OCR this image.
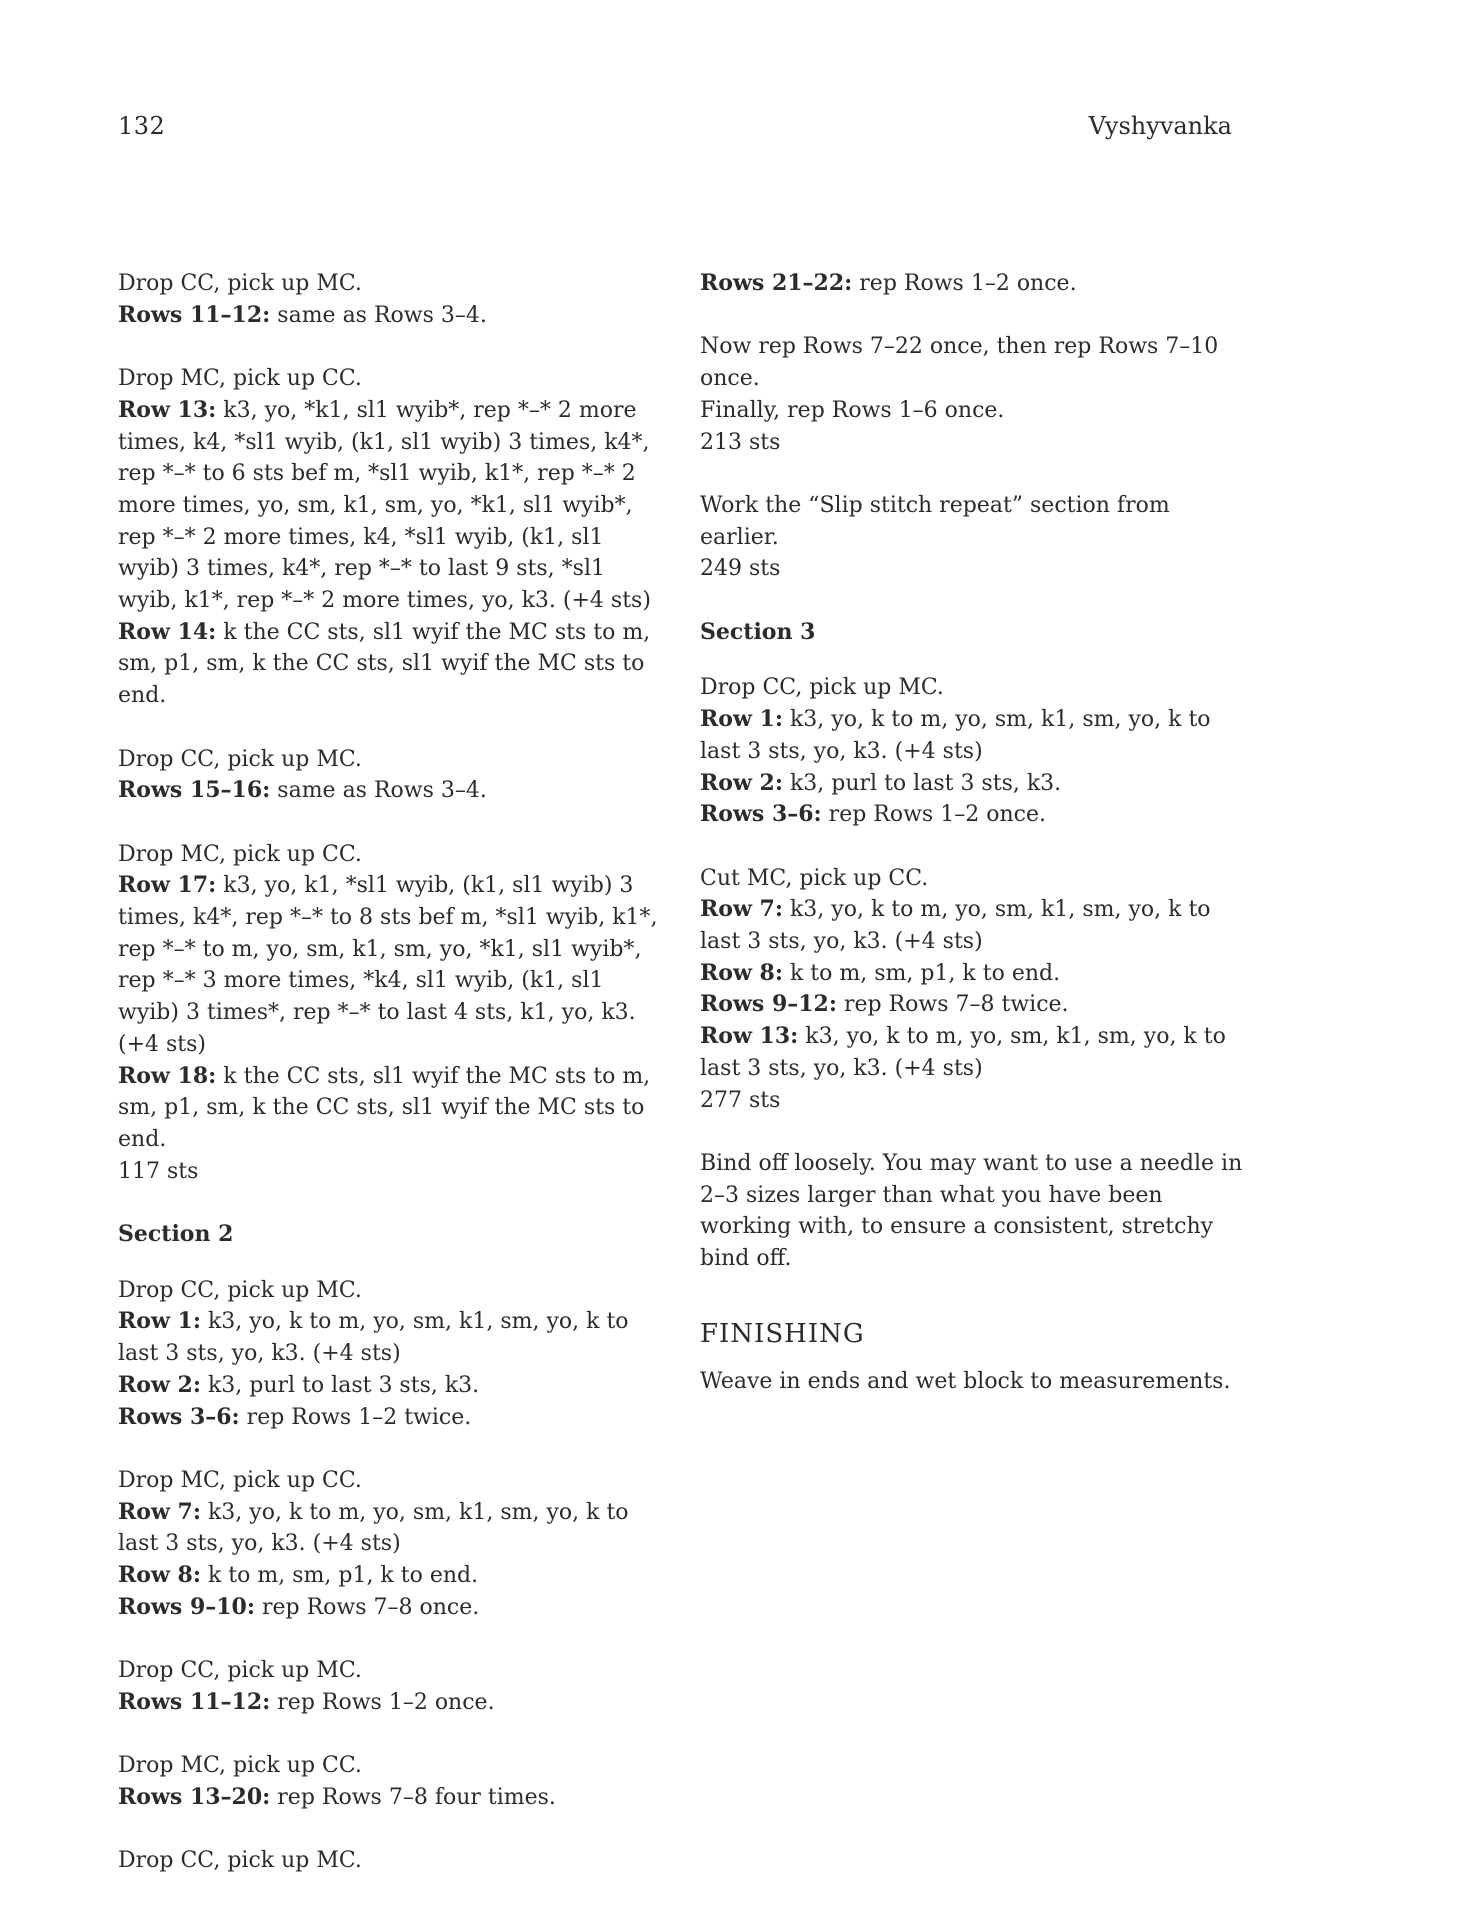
132	Vyshyvanka
Drop CC, pick up MC.
Rows 11–12: same as Rows 3–4.
Drop MC, pick up CC.
Row 13: k3, yo, *k1, sl1 wyib*, rep *–* 2 more times, k4, *sl1 wyib, (k1, sl1 wyib) 3 times, k4*, rep *–* to 6 sts bef m, *sl1 wyib, k1*, rep *–* 2 more times, yo, sm, k1, sm, yo, *k1, sl1 wyib*, rep *–* 2 more times, k4, *sl1 wyib, (k1, sl1 wyib) 3 times, k4*, rep *–* to last 9 sts, *sl1 wyib, k1*, rep *–* 2 more times, yo, k3. (+4 sts)
Row 14: k the CC sts, sl1 wyif the MC sts to m, sm, p1, sm, k the CC sts, sl1 wyif the MC sts to end.
Drop CC, pick up MC.
Rows 15–16: same as Rows 3–4.
Drop MC, pick up CC.
Row 17: k3, yo, k1, *sl1 wyib, (k1, sl1 wyib) 3 times, k4*, rep *–* to 8 sts bef m, *sl1 wyib, k1*, rep *–* to m, yo, sm, k1, sm, yo, *k1, sl1 wyib*, rep *–* 3 more times, *k4, sl1 wyib, (k1, sl1 wyib) 3 times*, rep *–* to last 4 sts, k1, yo, k3. (+4 sts)
Row 18: k the CC sts, sl1 wyif the MC sts to m, sm, p1, sm, k the CC sts, sl1 wyif the MC sts to end.
117 sts
Section 2
Drop CC, pick up MC.
Row 1: k3, yo, k to m, yo, sm, k1, sm, yo, k to last 3 sts, yo, k3. (+4 sts)
Row 2: k3, purl to last 3 sts, k3.
Rows 3–6: rep Rows 1–2 twice.
Drop MC, pick up CC.
Row 7: k3, yo, k to m, yo, sm, k1, sm, yo, k to last 3 sts, yo, k3. (+4 sts)
Row 8: k to m, sm, p1, k to end.
Rows 9–10: rep Rows 7–8 once.
Drop CC, pick up MC.
Rows 11–12: rep Rows 1–2 once.
Drop MC, pick up CC.
Rows 13–20: rep Rows 7–8 four times.
Drop CC, pick up MC.
Rows 21–22: rep Rows 1–2 once.
Now rep Rows 7–22 once, then rep Rows 7–10 once.
Finally, rep Rows 1–6 once.
213 sts
Work the “Slip stitch repeat” section from earlier.
249 sts
Section 3
Drop CC, pick up MC.
Row 1: k3, yo, k to m, yo, sm, k1, sm, yo, k to last 3 sts, yo, k3. (+4 sts)
Row 2: k3, purl to last 3 sts, k3.
Rows 3–6: rep Rows 1–2 once.
Cut MC, pick up CC.
Row 7: k3, yo, k to m, yo, sm, k1, sm, yo, k to last 3 sts, yo, k3. (+4 sts)
Row 8: k to m, sm, p1, k to end.
Rows 9–12: rep Rows 7–8 twice.
Row 13: k3, yo, k to m, yo, sm, k1, sm, yo, k to last 3 sts, yo, k3. (+4 sts)
277 sts
Bind off loosely. You may want to use a needle in 2–3 sizes larger than what you have been working with, to ensure a consistent, stretchy bind off.
FINISHING
Weave in ends and wet block to measurements.
